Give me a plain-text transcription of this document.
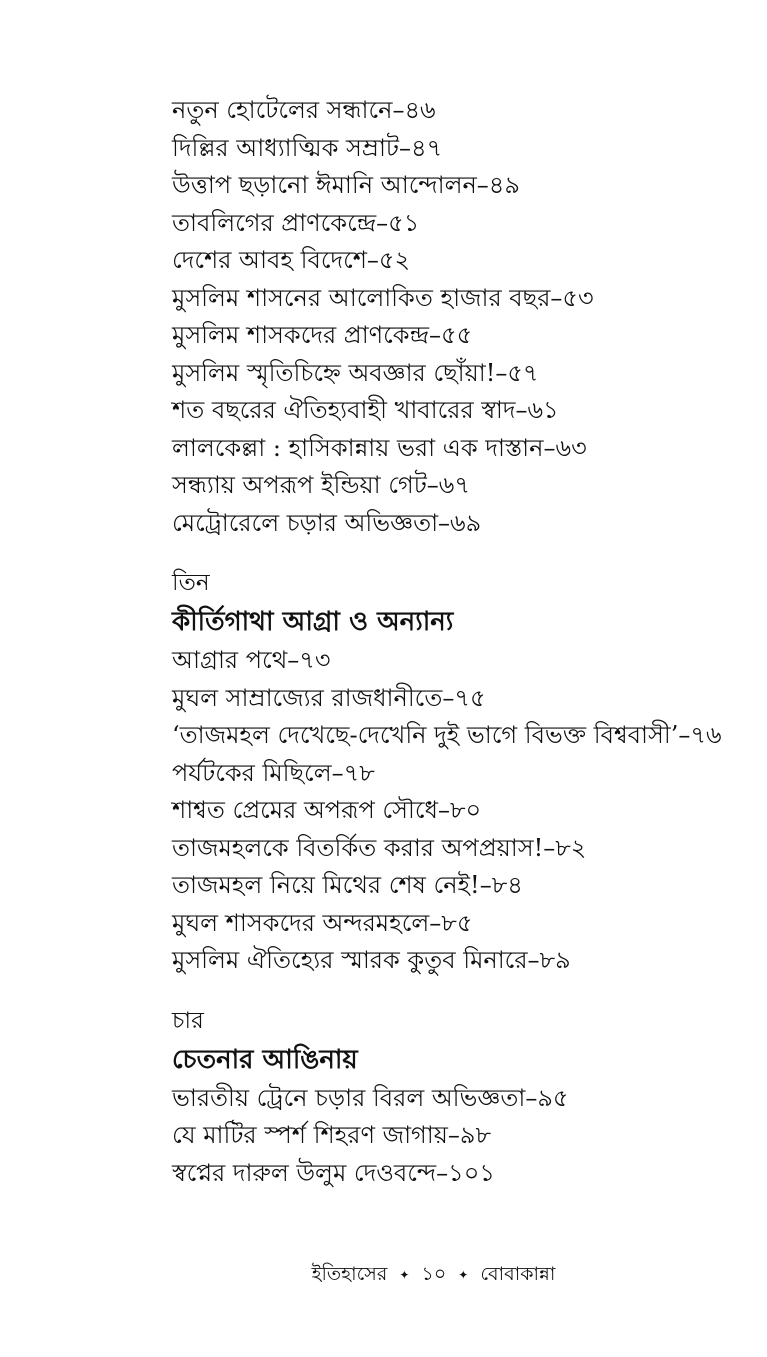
নতুন হোটেলের সন্ধানে–৪৬
দিল্লির আধ্যাত্মিক সম্রাট–৪৭
উত্তাপ ছড়ানো ঈমানি আন্দোলন–৪৯
তাবলিগের প্রাণকেন্দ্রে–৫১
দেশের আবহ বিদেশে–৫২
মুসলিম শাসনের আলোকিত হাজার বছর–৫৩
মুসলিম শাসকদের প্রাণকেন্দ্র–৫৫
মুসলিম স্মৃতিচিহ্নে অবজ্ঞার ছোঁয়া!–৫৭
শত বছরের ঐতিহ্যবাহী খাবারের স্বাদ–৬১
লালকেল্লা : হাসিকান্নায় ভরা এক দাস্তান–৬৩
সন্ধ্যায় অপরূপ ইন্ডিয়া গেট–৬৭
মেট্রোরেলে চড়ার অভিজ্ঞতা–৬৯
তিন
কীর্তিগাথা আগ্রা ও অন্যান্য
আগ্রার পথে–৭৩
মুঘল সাম্রাজ্যের রাজধানীতে–৭৫
‘তাজমহল দেখেছে-দেখেনি দুই ভাগে বিভক্ত বিশ্ববাসী’–৭৬
পর্যটকের মিছিলে–৭৮
শাশ্বত প্রেমের অপরূপ সৌধে–৮০
তাজমহলকে বিতর্কিত করার অপপ্রয়াস!–৮২
তাজমহল নিয়ে মিথের শেষ নেই!–৮৪
মুঘল শাসকদের অন্দরমহলে–৮৫
মুসলিম ঐতিহ্যের স্মারক কুতুব মিনারে–৮৯
চার
চেতনার আঙিনায়
ভারতীয় ট্রেনে চড়ার বিরল অভিজ্ঞতা–৯৫
যে মাটির স্পর্শ শিহরণ জাগায়–৯৮
স্বপ্নের দারুল উলুম দেওবন্দে–১০১
ইতিহাসের ✦ ১০ ✦ বোবাকান্না
